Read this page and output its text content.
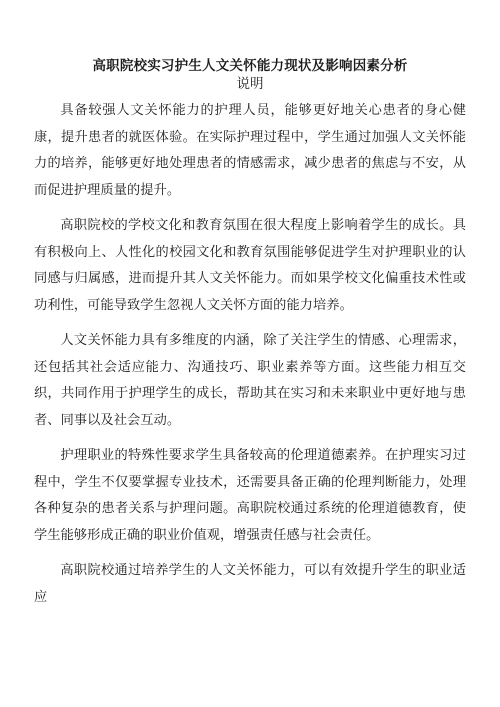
高职院校实习护生人文关怀能力现状及影响因素分析
说明

具备较强人文关怀能力的护理人员，能够更好地关心患者的身心健康，提升患者的就医体验。在实际护理过程中，学生通过加强人文关怀能力的培养，能够更好地处理患者的情感需求，减少患者的焦虑与不安，从而促进护理质量的提升。

高职院校的学校文化和教育氛围在很大程度上影响着学生的成长。具有积极向上、人性化的校园文化和教育氛围能够促进学生对护理职业的认同感与归属感，进而提升其人文关怀能力。而如果学校文化偏重技术性或功利性，可能导致学生忽视人文关怀方面的能力培养。

人文关怀能力具有多维度的内涵，除了关注学生的情感、心理需求，还包括其社会适应能力、沟通技巧、职业素养等方面。这些能力相互交织，共同作用于护理学生的成长，帮助其在实习和未来职业中更好地与患者、同事以及社会互动。

护理职业的特殊性要求学生具备较高的伦理道德素养。在护理实习过程中，学生不仅要掌握专业技术，还需要具备正确的伦理判断能力，处理各种复杂的患者关系与护理问题。高职院校通过系统的伦理道德教育，使学生能够形成正确的职业价值观，增强责任感与社会责任。

高职院校通过培养学生的人文关怀能力，可以有效提升学生的职业适应
